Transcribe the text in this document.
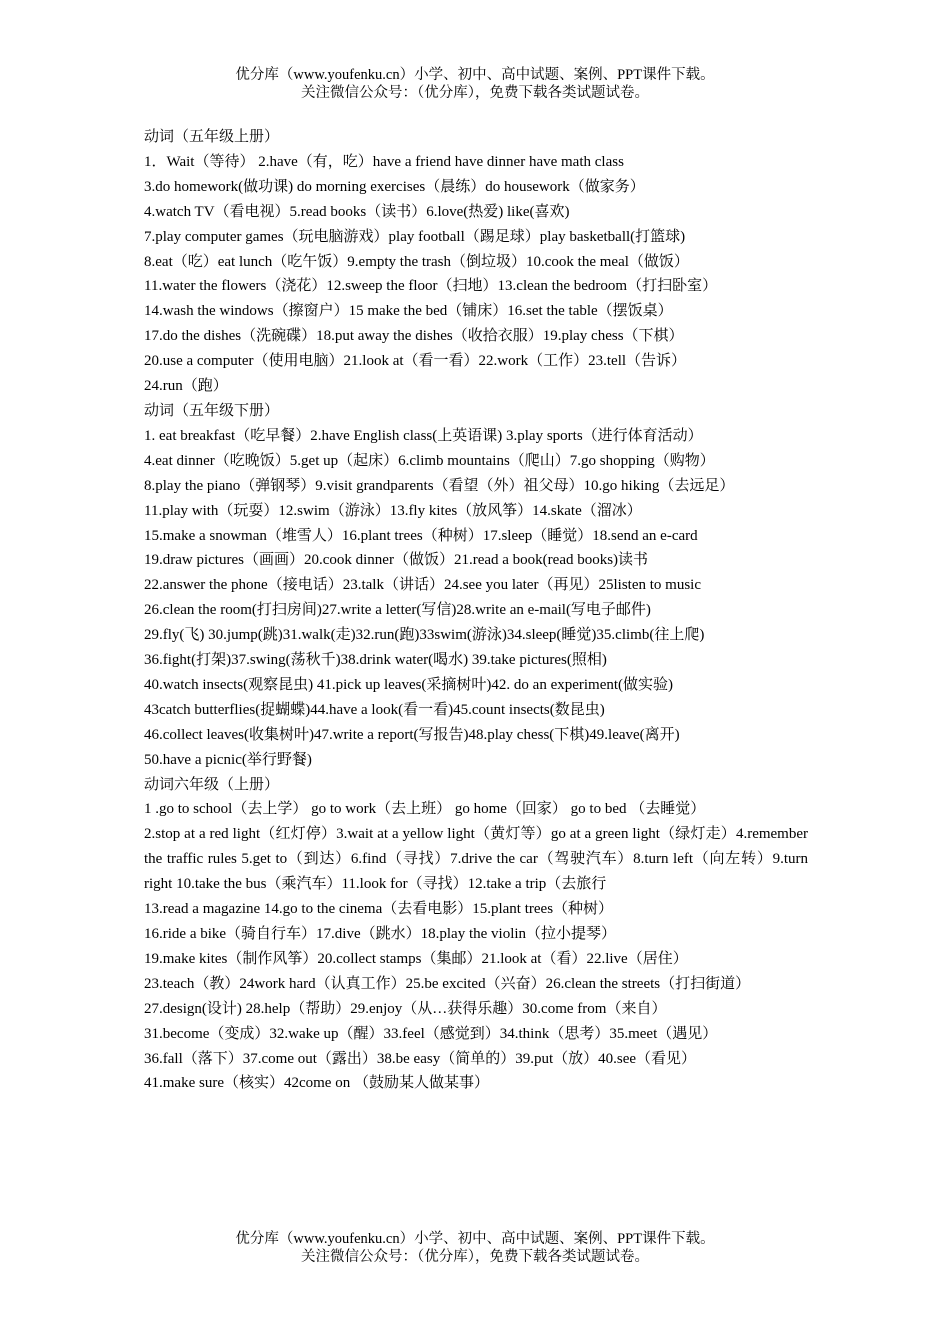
优分库（www.youfenku.cn）小学、初中、高中试题、案例、PPT课件下载。
关注微信公众号：（优分库），免费下载各类试题试卷。
动词（五年级上册）
1．Wait（等待） 2.have（有，吃）have a friend have dinner have math class
3.do homework(做功课) do morning exercises（晨练）do housework（做家务）
4.watch TV（看电视）5.read books（读书）6.love(热爱) like(喜欢)
7.play computer games（玩电脑游戏）play football（踢足球）play basketball(打篮球)
8.eat（吃）eat lunch（吃午饭）9.empty the trash（倒垃圾）10.cook the meal（做饭）
11.water the flowers（浇花）12.sweep the floor（扫地）13.clean the bedroom（打扫卧室）
14.wash the windows（擦窗户）15 make the bed（铺床）16.set the table（摆饭桌）
17.do the dishes（洗碗碟）18.put away the dishes（收拾衣服）19.play chess（下棋）
20.use a computer（使用电脑）21.look at（看一看）22.work（工作）23.tell（告诉）
24.run（跑）
动词（五年级下册）
1. eat breakfast（吃早餐）2.have English class(上英语课) 3.play sports（进行体育活动）
4.eat dinner（吃晚饭）5.get up（起床）6.climb mountains（爬山）7.go shopping（购物）
8.play the piano（弹钢琴）9.visit grandparents（看望（外）祖父母）10.go hiking（去远足）
11.play with（玩耍）12.swim（游泳）13.fly kites（放风筝）14.skate（溜冰）
15.make a snowman（堆雪人）16.plant trees（种树）17.sleep（睡觉）18.send an e-card
19.draw pictures（画画）20.cook dinner（做饭）21.read a book(read books)读书
22.answer the phone（接电话）23.talk（讲话）24.see you later（再见）25listen to music
26.clean the room(打扫房间)27.write a letter(写信)28.write an e-mail(写电子邮件)
29.fly(飞) 30.jump(跳)31.walk(走)32.run(跑)33swim(游泳)34.sleep(睡觉)35.climb(往上爬)
36.fight(打架)37.swing(荡秋千)38.drink water(喝水) 39.take pictures(照相)
40.watch insects(观察昆虫) 41.pick up leaves(采摘树叶)42. do an experiment(做实验)
43catch butterflies(捉蝴蝶)44.have a look(看一看)45.count insects(数昆虫)
46.collect leaves(收集树叶)47.write a report(写报告)48.play chess(下棋)49.leave(离开)
50.have a picnic(举行野餐)
动词六年级（上册）
1 .go to school（去上学） go to work（去上班） go home（回家） go to bed （去睡觉）
2.stop at a red light（红灯停）3.wait at a yellow light（黄灯等）go at a green light（绿灯走）4.remember the traffic rules 5.get to（到达）6.find（寻找）7.drive the car（驾驶汽车）8.turn left（向左转）9.turn right 10.take the bus（乘汽车）11.look for（寻找）12.take a trip（去旅行
13.read a magazine 14.go to the cinema（去看电影）15.plant trees（种树）
16.ride a bike（骑自行车）17.dive（跳水）18.play the violin（拉小提琴）
19.make kites（制作风筝）20.collect stamps（集邮）21.look at（看）22.live（居住）
23.teach（教）24work hard（认真工作）25.be excited（兴奋）26.clean the streets（打扫街道）
27.design(设计) 28.help（帮助）29.enjoy（从…获得乐趣）30.come from（来自）
31.become（变成）32.wake up（醒）33.feel（感觉到）34.think（思考）35.meet（遇见）
36.fall（落下）37.come out（露出）38.be easy（简单的）39.put（放）40.see（看见）
41.make sure（核实）42come on （鼓励某人做某事）
优分库（www.youfenku.cn）小学、初中、高中试题、案例、PPT课件下载。
关注微信公众号：（优分库），免费下载各类试题试卷。
